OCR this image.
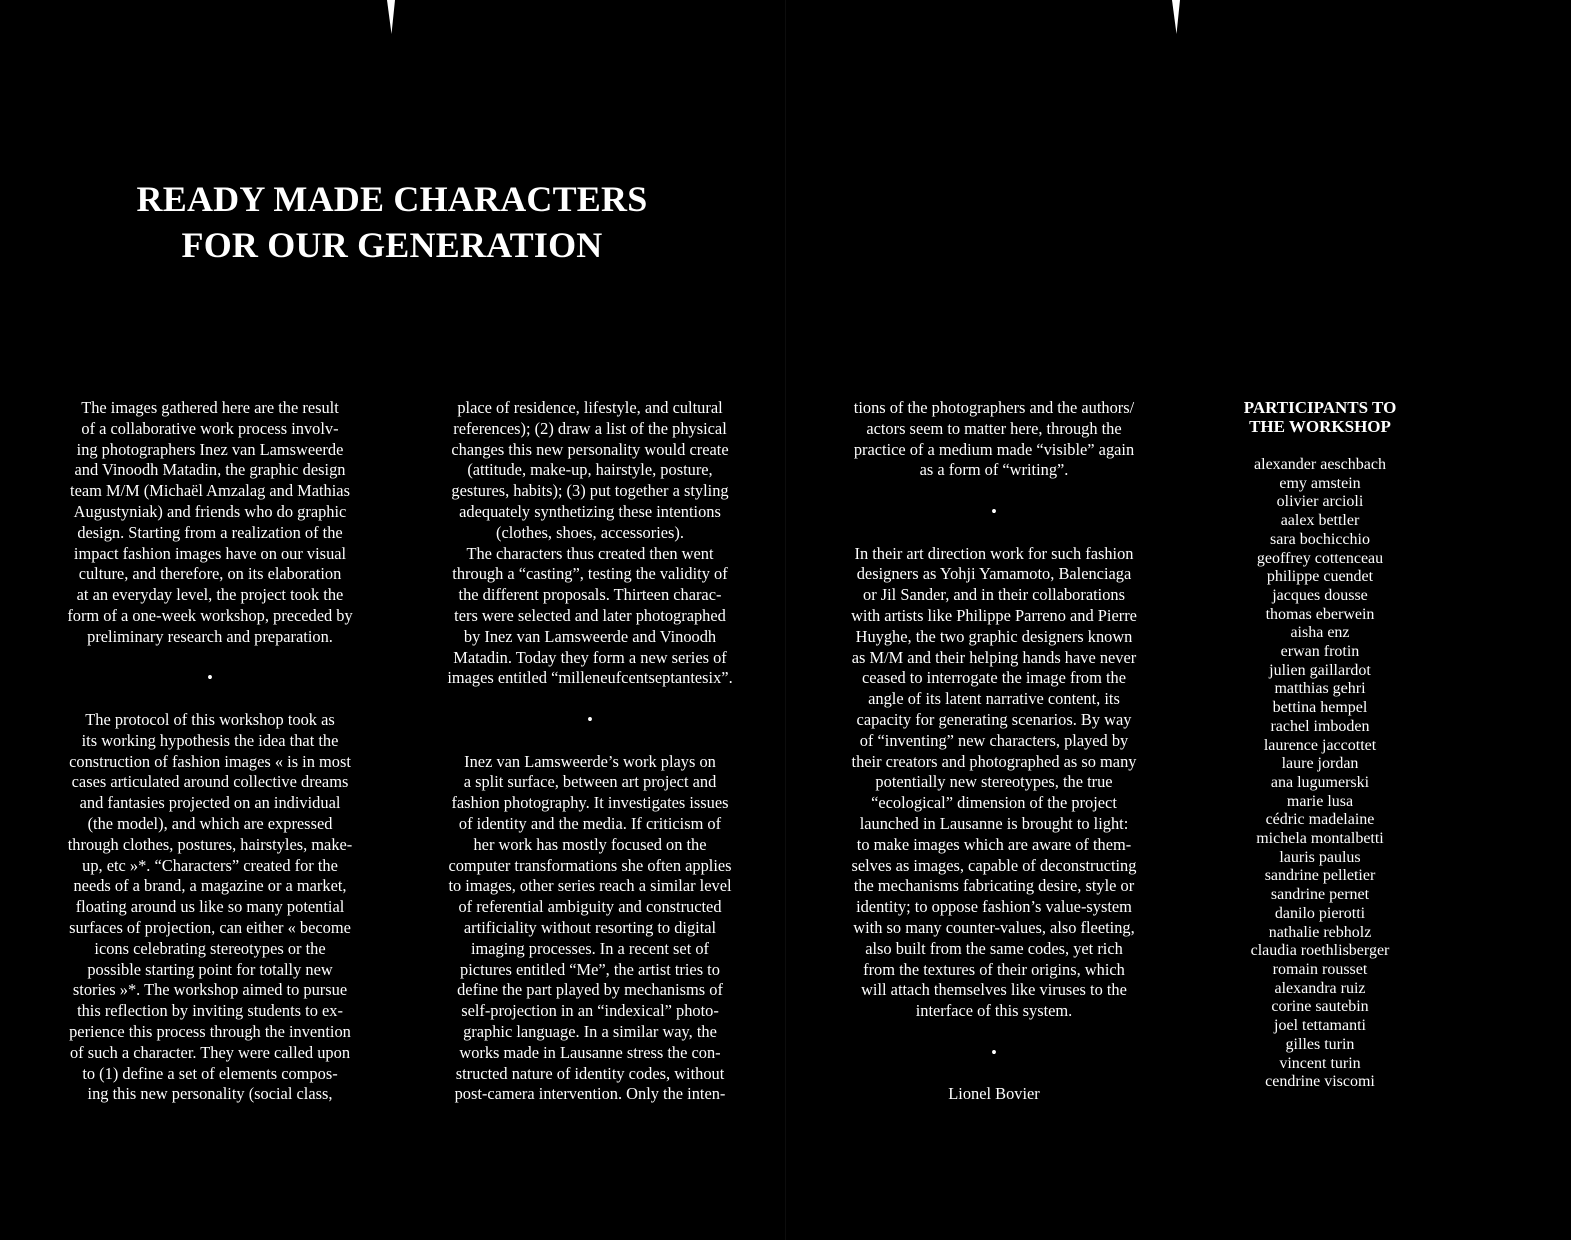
READY MADE CHARACTERS
FOR OUR GENERATION
The images gathered here are the result
of a collaborative work process involv-
ing photographers Inez van Lamsweerde
and Vinoodh Matadin, the graphic design
team M/M (Michaël Amzalag and Mathias
Augustyniak) and friends who do graphic
design. Starting from a realization of the
impact fashion images have on our visual
culture, and therefore, on its elaboration
at an everyday level, the project took the
form of a one-week workshop, preceded by
preliminary research and preparation.
•
The protocol of this workshop took as
its working hypothesis the idea that the
construction of fashion images « is in most
cases articulated around collective dreams
and fantasies projected on an individual
(the model), and which are expressed
through clothes, postures, hairstyles, make-
up, etc »*. “Characters” created for the
needs of a brand, a magazine or a market,
floating around us like so many potential
surfaces of projection, can either « become
icons celebrating stereotypes or the
possible starting point for totally new
stories »*. The workshop aimed to pursue
this reflection by inviting students to ex-
perience this process through the invention
of such a character. They were called upon
to (1) define a set of elements compos-
ing this new personality (social class,
place of residence, lifestyle, and cultural
references); (2) draw a list of the physical
changes this new personality would create
(attitude, make-up, hairstyle, posture,
gestures, habits); (3) put together a styling
adequately synthetizing these intentions
(clothes, shoes, accessories).
The characters thus created then went
through a “casting”, testing the validity of
the different proposals. Thirteen charac-
ters were selected and later photographed
by Inez van Lamsweerde and Vinoodh
Matadin. Today they form a new series of
images entitled “milleneufcentseptantesix”.
•
Inez van Lamsweerde’s work plays on
a split surface, between art project and
fashion photography. It investigates issues
of identity and the media. If criticism of
her work has mostly focused on the
computer transformations she often applies
to images, other series reach a similar level
of referential ambiguity and constructed
artificiality without resorting to digital
imaging processes. In a recent set of
pictures entitled “Me”, the artist tries to
define the part played by mechanisms of
self-projection in an “indexical” photo-
graphic language. In a similar way, the
works made in Lausanne stress the con-
structed nature of identity codes, without
post-camera intervention. Only the inten-
tions of the photographers and the authors/
actors seem to matter here, through the
practice of a medium made “visible” again
as a form of “writing”.
•
In their art direction work for such fashion
designers as Yohji Yamamoto, Balenciaga
or Jil Sander, and in their collaborations
with artists like Philippe Parreno and Pierre
Huyghe, the two graphic designers known
as M/M and their helping hands have never
ceased to interrogate the image from the
angle of its latent narrative content, its
capacity for generating scenarios. By way
of “inventing” new characters, played by
their creators and photographed as so many
potentially new stereotypes, the true
“ecological” dimension of the project
launched in Lausanne is brought to light:
to make images which are aware of them-
selves as images, capable of deconstructing
the mechanisms fabricating desire, style or
identity; to oppose fashion’s value-system
with so many counter-values, also fleeting,
also built from the same codes, yet rich
from the textures of their origins, which
will attach themselves like viruses to the
interface of this system.
•
Lionel Bovier
PARTICIPANTS TO
THE WORKSHOP
alexander aeschbach
emy amstein
olivier arcioli
aalex bettler
sara bochicchio
geoffrey cottenceau
philippe cuendet
jacques dousse
thomas eberwein
aisha enz
erwan frotin
julien gaillardot
matthias gehri
bettina hempel
rachel imboden
laurence jaccottet
laure jordan
ana lugumerski
marie lusa
cédric madelaine
michela montalbetti
lauris paulus
sandrine pelletier
sandrine pernet
danilo pierotti
nathalie rebholz
claudia roethlisberger
romain rousset
alexandra ruiz
corine sautebin
joel tettamanti
gilles turin
vincent turin
cendrine viscomi
